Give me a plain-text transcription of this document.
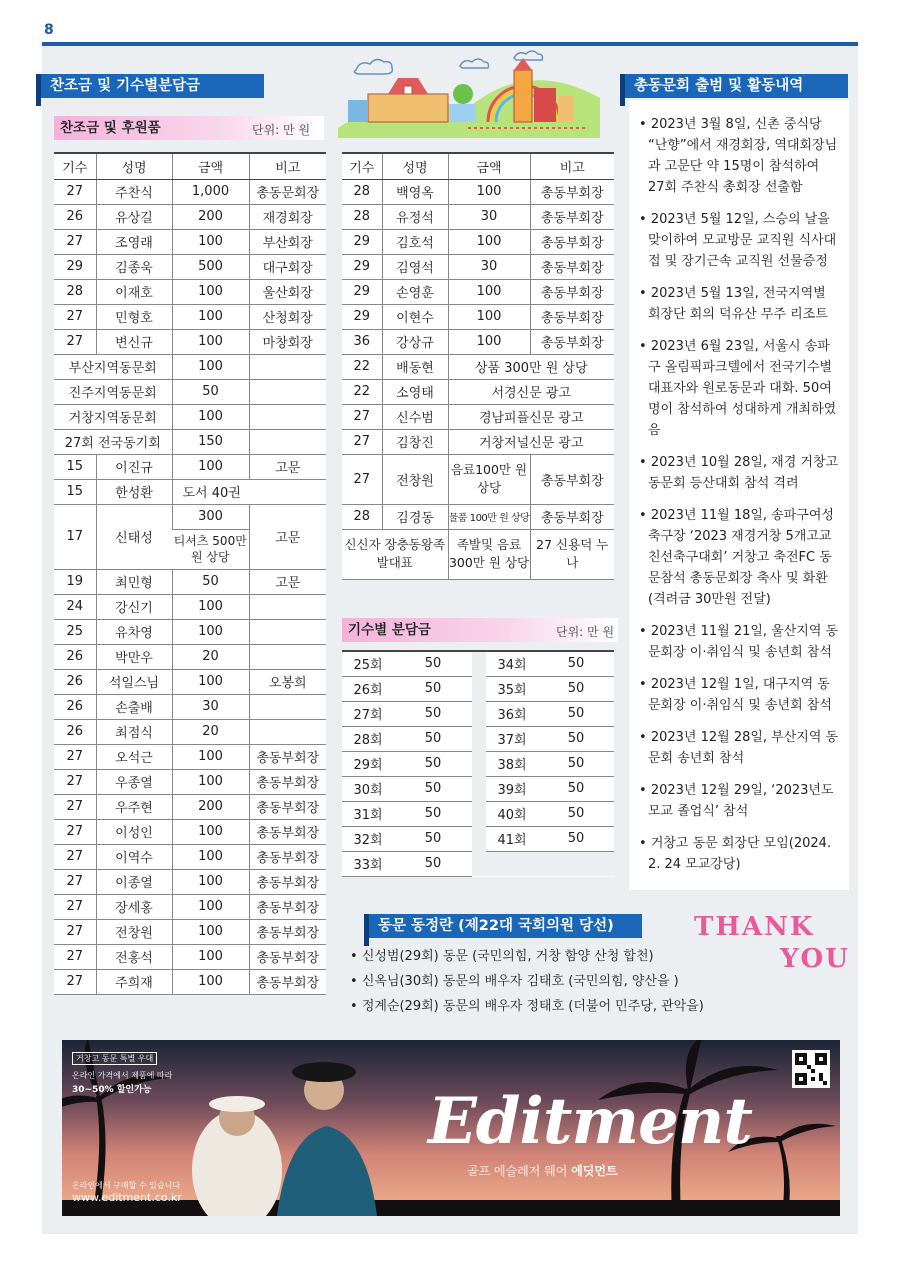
8
찬조금 및 기수별분담금
찬조금 및 후원품	단위: 만 원
기수	성명	금액	비고
27	주찬식	1,000	총동문회장
26	유상길	200	재경회장
27	조영래	100	부산회장
29	김종욱	500	대구회장
28	이재호	100	울산회장
27	민형호	100	산청회장
27	변신규	100	마창회장
부산지역동문회		100	
진주지역동문회		50	
거창지역동문회		100	
27회 전국동기회		150	
15	이진규	100	고문
15	한성환	도서 40권	
17	신태성	300	고문
		티셔츠 500만 원 상당	
19	최민형	50	고문
24	강신기	100	
25	유차영	100	
26	박만우	20	
26	석일스님	100	오봉희
26	손출배	30	
26	최점식	20	
27	오석근	100	총동부회장
27	우종열	100	총동부회장
27	우주현	200	총동부회장
27	이성인	100	총동부회장
27	이역수	100	총동부회장
27	이종열	100	총동부회장
27	장세홍	100	총동부회장
27	전창원	100	총동부회장
27	전홍석	100	총동부회장
27	주희재	100	총동부회장
기수	성명	금액	비고
28	백영옥	100	총동부회장
28	유정석	30	총동부회장
29	김호석	100	총동부회장
29	김영석	30	총동부회장
29	손영훈	100	총동부회장
29	이현수	100	총동부회장
36	강상규	100	총동부회장
22	배동현	상품 300만 원 상당	
22	소영태	서경신문 광고	
27	신수범	경남피플신문 광고	
27	김창진	거창저널신문 광고	
27	전창원	음료100만 원 상당	총동부회장
28	김경동	물품 100만 원 상당	총동부회장
신신자 장충동왕족발대표		족발및 음료 300만 원 상당	27 신용덕 누나
기수별 분담금	단위: 만 원
25회	50		34회	50
26회	50		35회	50
27회	50		36회	50
28회	50		37회	50
29회	50		38회	50
30회	50		39회	50
31회	50		40회	50
32회	50		41회	50
33회	50			
총동문회 출범 및 활동내역
• 2023년 3월 8일, 신촌 중식당 “난향”에서 재경회장, 역대회장님과 고문단 약 15명이 참석하여 27회 주찬식 총회장 선출함
• 2023년 5월 12일, 스승의 날을 맞이하여 모교방문 교직원 식사대접 및 장기근속 교직원 선물증정
• 2023년 5월 13일, 전국지역별 회장단 회의 덕유산 무주 리조트
• 2023년 6월 23일, 서울시 송파구 올림픽파크텔에서 전국기수별대표자와 원로동문과 대화. 50여 명이 참석하여 성대하게 개최하였음
• 2023년 10월 28일, 재경 거창고 동문회 등산대회 참석 격려
• 2023년 11월 18일, 송파구여성축구장 ‘2023 재경거창 5개고교 친선축구대회’ 거창고 축전FC 동문참석 총동문회장 축사 및 화환(격려금 30만원 전달)
• 2023년 11월 21일, 울산지역 동문회장 이·취임식 및 송년회 참석
• 2023년 12월 1일, 대구지역 동문회장 이·취임식 및 송년회 참석
• 2023년 12월 28일, 부산지역 동문회 송년회 참석
• 2023년 12월 29일, ‘2023년도 모교 졸업식’ 참석
• 거창고 동문 회장단 모임(2024. 2. 24 모교강당)
동문 동정란 (제22대 국회의원 당선)
• 신성범(29회) 동문 (국민의힘, 거창 함양 산청 합천)
• 신옥님(30회) 동문의 배우자 김태호 (국민의힘, 양산을 )
• 정계순(29회) 동문의 배우자 정태호 (더불어 민주당, 관악을)
THANK
YOU
거창고 동문 특별 우대
온라인 가격에서 제품에 따라
30~50% 할인가능	Editment
골프 에슬레저 웨어 에딧먼트
온라인에서 구매할 수 있습니다
www.editment.co.kr
